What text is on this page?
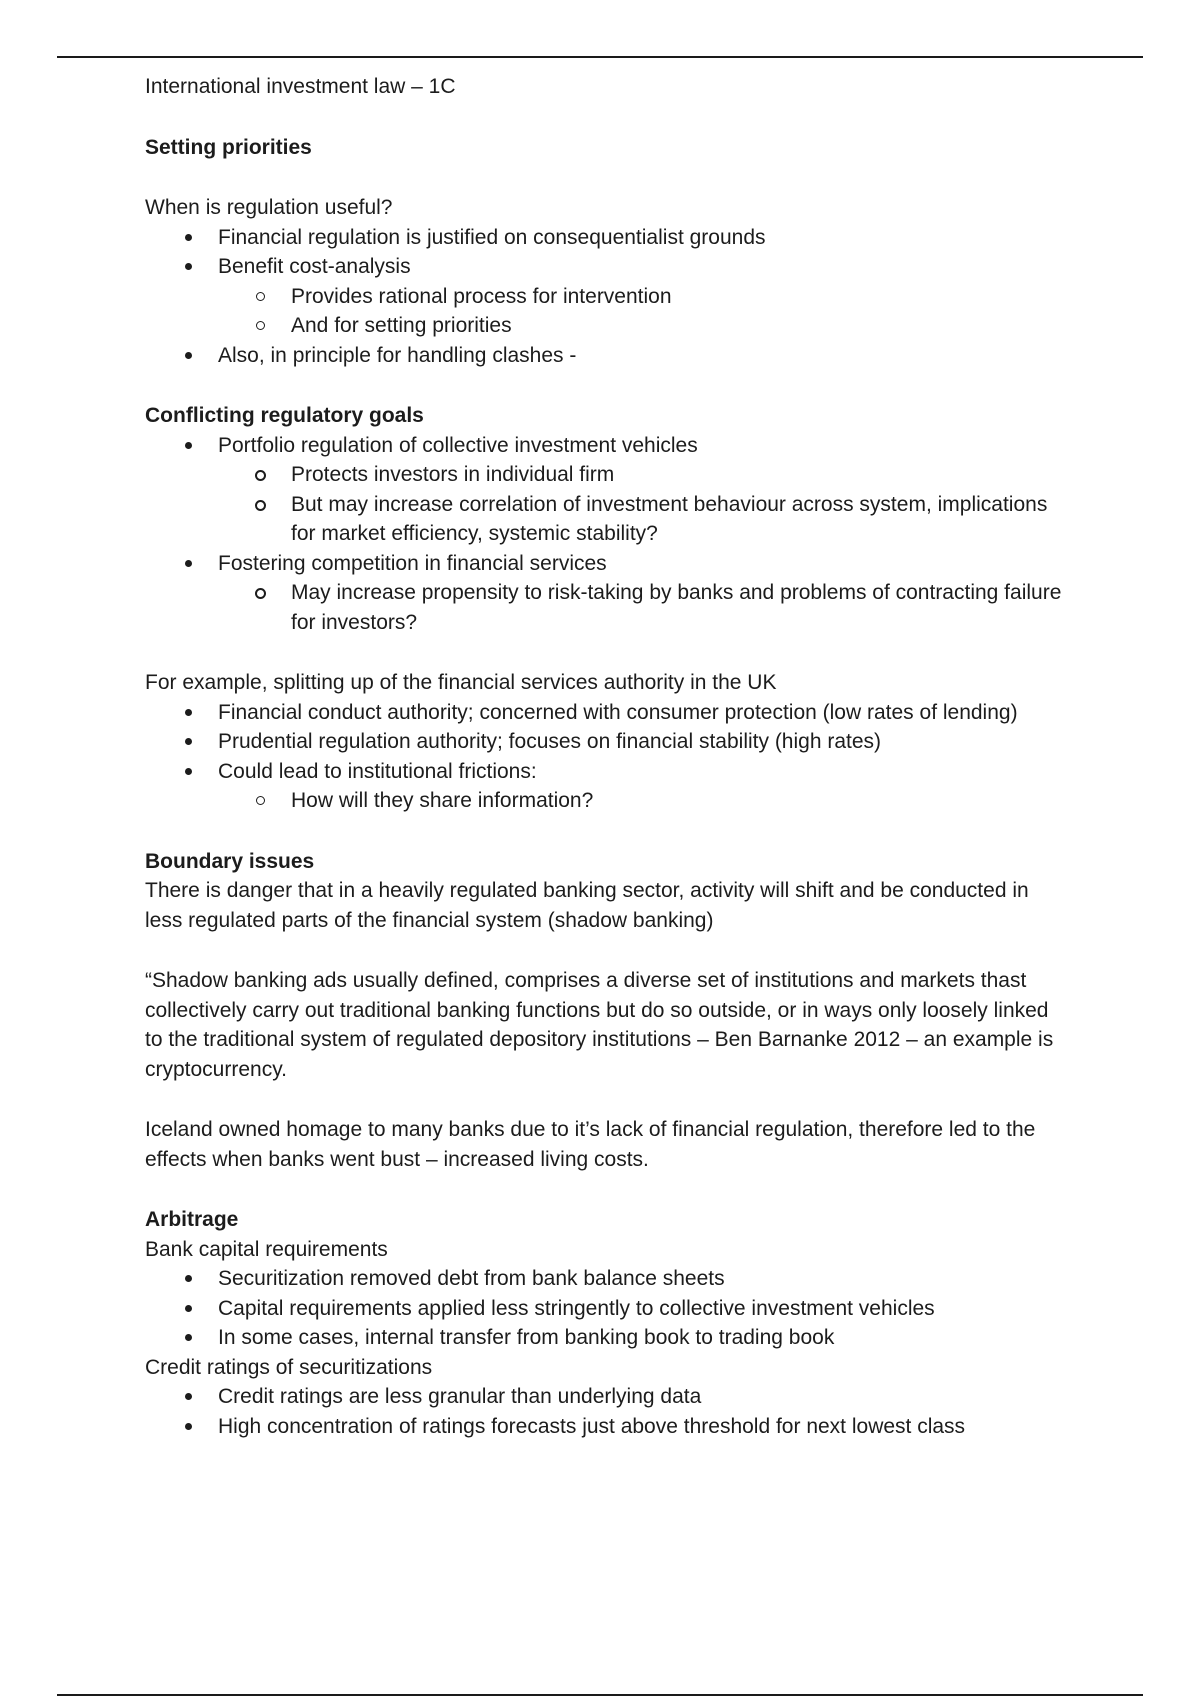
International investment law – 1C

Setting priorities

When is regulation useful?

Financial regulation is justified on consequentialist grounds
Benefit cost-analysis
Provides rational process for intervention
And for setting priorities
Also, in principle for handling clashes -

Conflicting regulatory goals

Portfolio regulation of collective investment vehicles
Protects investors in individual firm
But may increase correlation of investment behaviour across system, implications for market efficiency, systemic stability?
Fostering competition in financial services
May increase propensity to risk-taking by banks and problems of contracting failure for investors?

For example, splitting up of the financial services authority in the UK

Financial conduct authority; concerned with consumer protection (low rates of lending)
Prudential regulation authority; focuses on financial stability (high rates)
Could lead to institutional frictions:
How will they share information?

Boundary issues

There is danger that in a heavily regulated banking sector, activity will shift and be conducted in less regulated parts of the financial system (shadow banking)

“Shadow banking ads usually defined, comprises a diverse set of institutions and markets thast collectively carry out traditional banking functions but do so outside, or in ways only loosely linked to the traditional system of regulated depository institutions – Ben Barnanke 2012 – an example is cryptocurrency.

Iceland owned homage to many banks due to it’s lack of financial regulation, therefore led to the effects when banks went bust – increased living costs.

Arbitrage

Bank capital requirements

Securitization removed debt from bank balance sheets
Capital requirements applied less stringently to collective investment vehicles
In some cases, internal transfer from banking book to trading book

Credit ratings of securitizations

Credit ratings are less granular than underlying data
High concentration of ratings forecasts just above threshold for next lowest class
